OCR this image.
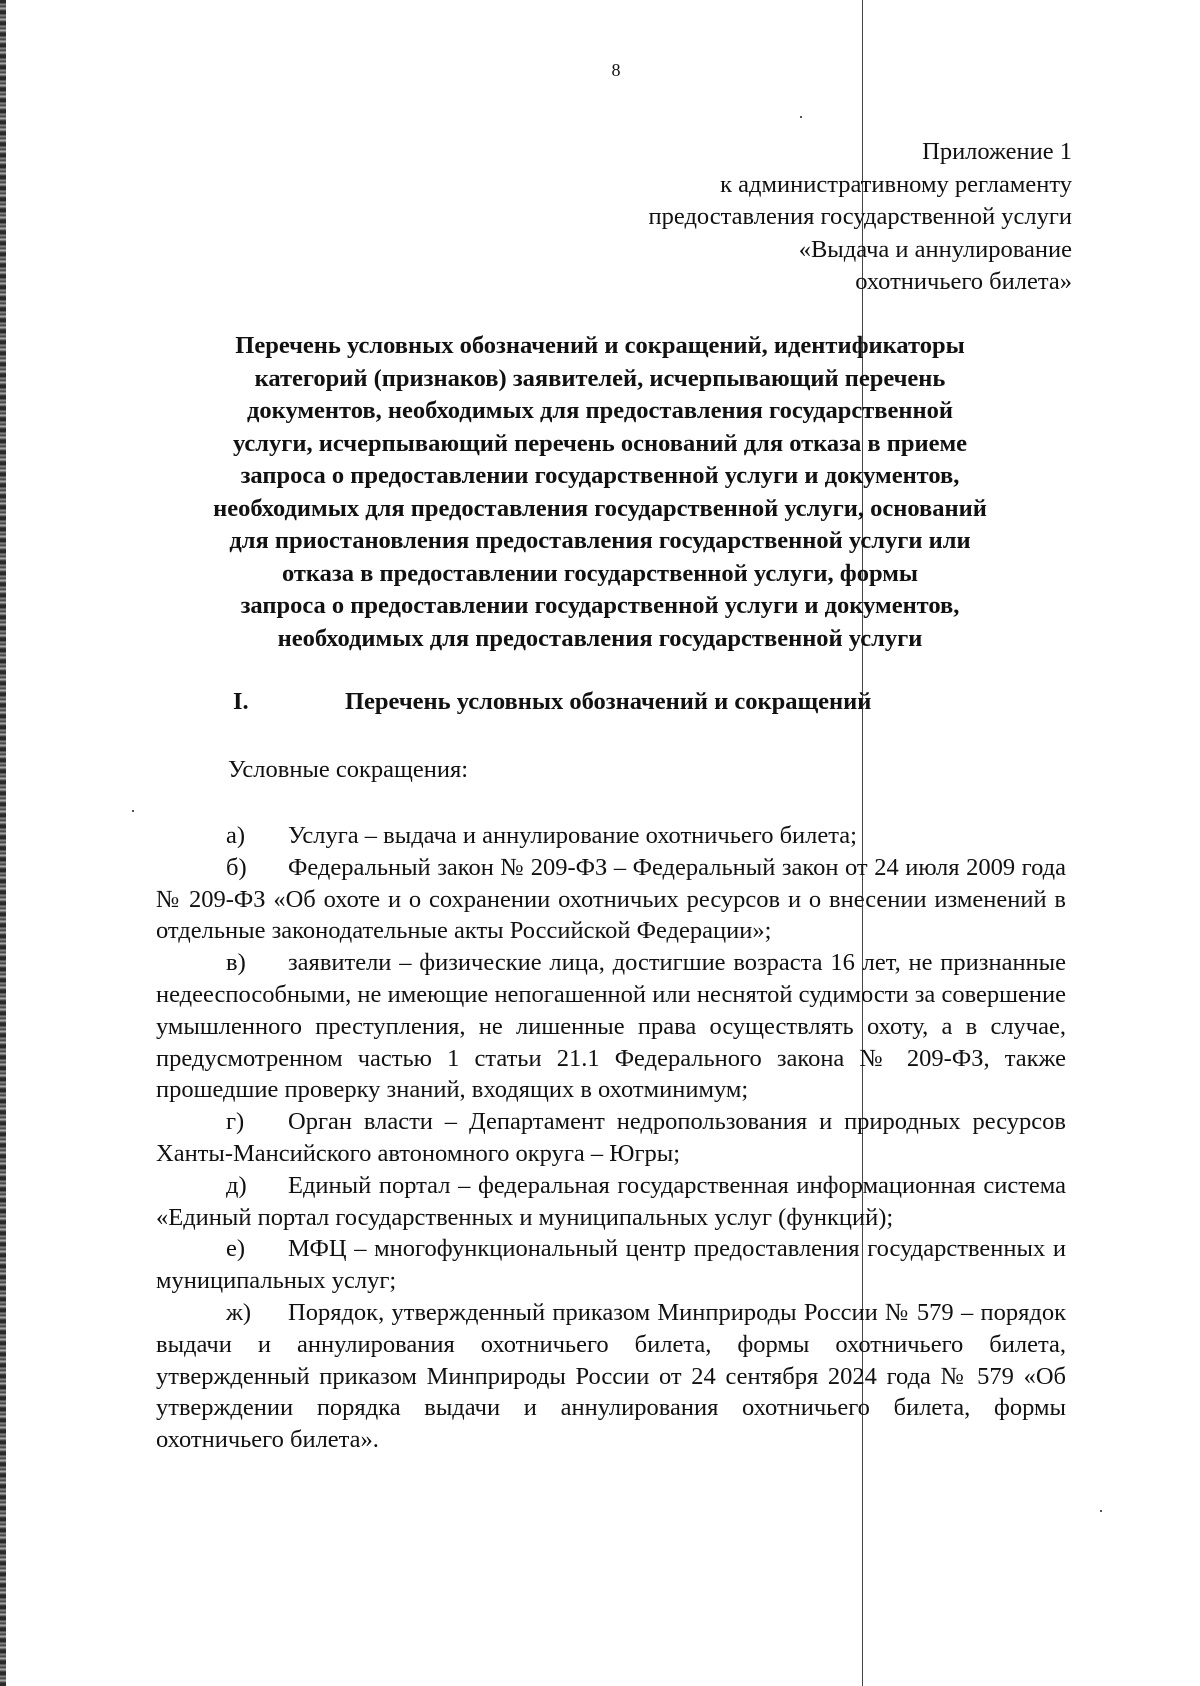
8
Приложение 1
к административному регламенту
предоставления государственной услуги
«Выдача и аннулирование
охотничьего билета»
Перечень условных обозначений и сокращений, идентификаторы
категорий (признаков) заявителей, исчерпывающий перечень
документов, необходимых для предоставления государственной
услуги, исчерпывающий перечень оснований для отказа в приеме
запроса о предоставлении государственной услуги и документов,
необходимых для предоставления государственной услуги, оснований
для приостановления предоставления государственной услуги или
отказа в предоставлении государственной услуги, формы
запроса о предоставлении государственной услуги и документов,
необходимых для предоставления государственной услуги
I.	Перечень условных обозначений и сокращений
Условные сокращения:

а) Услуга – выдача и аннулирование охотничьего билета;

б) Федеральный закон № 209-ФЗ – Федеральный закон от 24 июля 2009 года № 209-ФЗ «Об охоте и о сохранении охотничьих ресурсов и о внесении изменений в отдельные законодательные акты Российской Федерации»;

в) заявители – физические лица, достигшие возраста 16 лет, не признанные недееспособными, не имеющие непогашенной или неснятой судимости за совершение умышленного преступления, не лишенные права осуществлять охоту, а в случае, предусмотренном частью 1 статьи 21.1 Федерального закона № 209-ФЗ, также прошедшие проверку знаний, входящих в охотминимум;

г) Орган власти – Департамент недропользования и природных ресурсов Ханты-Мансийского автономного округа – Югры;

д) Единый портал – федеральная государственная информационная система «Единый портал государственных и муниципальных услуг (функций);

е) МФЦ – многофункциональный центр предоставления государственных и муниципальных услуг;

ж) Порядок, утвержденный приказом Минприроды России № 579 – порядок выдачи и аннулирования охотничьего билета, формы охотничьего билета, утвержденный приказом Минприроды России от 24 сентября 2024 года № 579 «Об утверждении порядка выдачи и аннулирования охотничьего билета, формы охотничьего билета».
